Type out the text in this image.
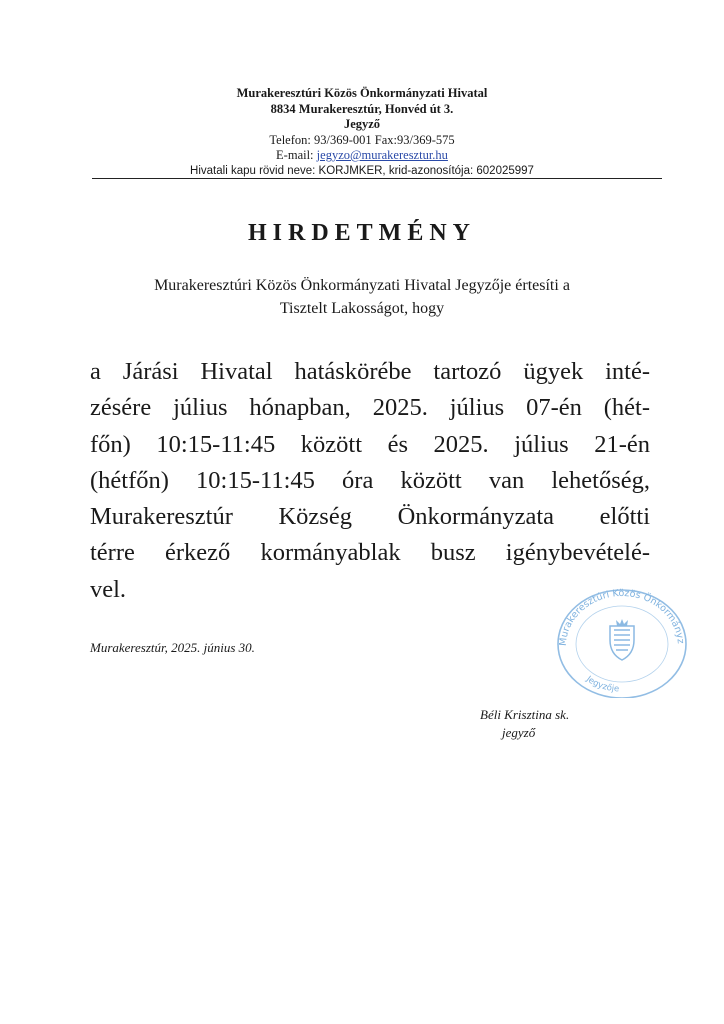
Murakeresztúri Közös Önkormányzati Hivatal
8834 Murakeresztúr, Honvéd út 3.
Jegyző
Telefon: 93/369-001 Fax:93/369-575
E-mail: jegyzo@murakeresztur.hu
Hivatali kapu rövid neve: KORJMKER, krid-azonosítója: 602025997
HIRDETMÉNY
Murakeresztúri Közös Önkormányzati Hivatal Jegyzője értesíti a
Tisztelt Lakosságot, hogy
a Járási Hivatal hatáskörébe tartozó ügyek inté-
zésére július hónapban, 2025. július 07-én (hét-
főn) 10:15-11:45 között és 2025. július 21-én
(hétfőn) 10:15-11:45 óra között van lehetőség,
Murakeresztúr Község Önkormányzata előtti
térre érkező kormányablak busz igénybevételé-
vel.
Murakeresztúr, 2025. június 30.	Murakeresztúri Közös Önkormányz
Jegyzője
Béli Krisztina sk.
jegyző
